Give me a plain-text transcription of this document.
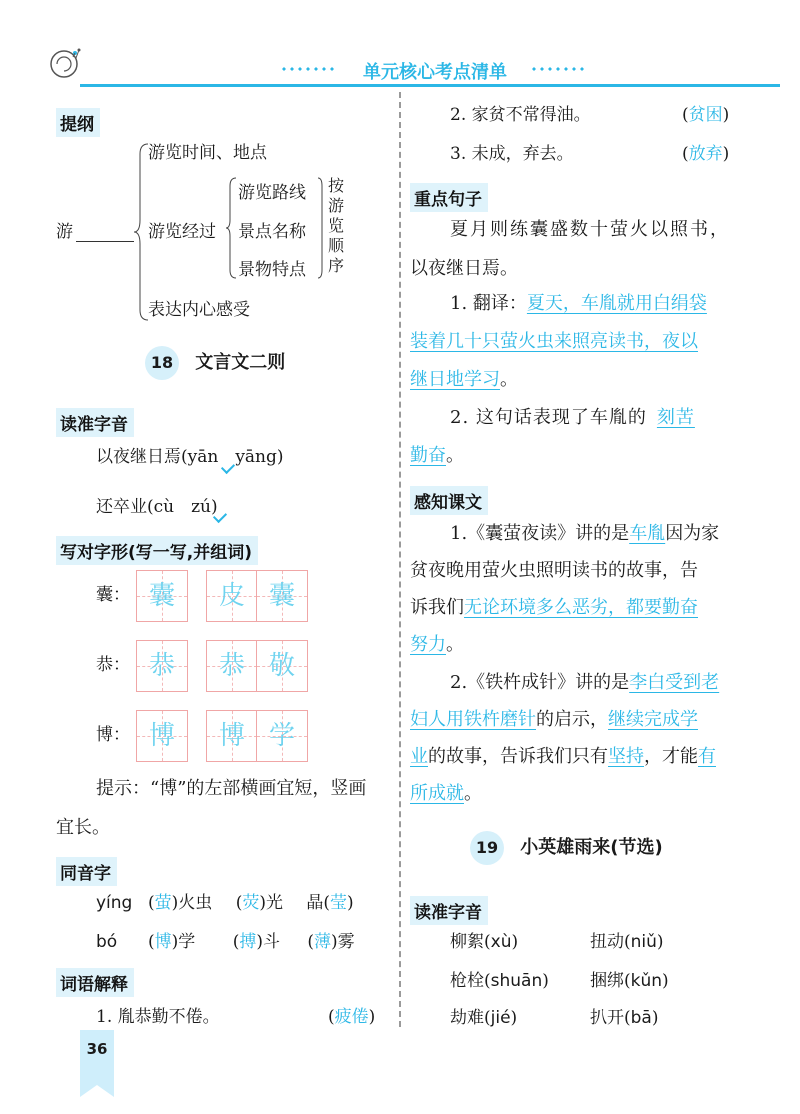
单元核心考点清单
提纲
游
游览时间、地点
游览经过
表达内心感受
游览路线
景点名称
景物特点
按游览顺序
18 文言文二则
读准字音
以夜继日焉(yān　yāng)
还卒业(cù　zú)
写对字形(写一写,并组词)
囊： 囊	皮 囊
恭： 恭	恭 敬
博： 博	博 学
提示：“博”的左部横画宜短，竖画
宜长。
同音字
yíng (萤)火虫 (荧)光 晶(莹)
bó (博)学 (搏)斗 (薄)雾
词语解释
1. 胤恭勤不倦。	(疲倦)
36
2. 家贫不常得油。	(贫困)
3. 未成，弃去。	(放弃)
重点句子
夏月则练囊盛数十萤火以照书，
以夜继日焉。
1. 翻译：夏天，车胤就用白绢袋
装着几十只萤火虫来照亮读书，夜以
继日地学习。
2. 这句话表现了车胤的 刻苦
勤奋。
感知课文
1.《囊萤夜读》讲的是车胤因为家
贫夜晚用萤火虫照明读书的故事，告
诉我们无论环境多么恶劣，都要勤奋
努力。
2.《铁杵成针》讲的是李白受到老
妇人用铁杵磨针的启示，继续完成学
业的故事，告诉我们只有坚持，才能有
所成就。
19 小英雄雨来(节选)
读准字音
柳絮(xù)	扭动(niǔ)
枪栓(shuān) 捆绑(kǔn)
劫难(jié)	扒开(bā)
